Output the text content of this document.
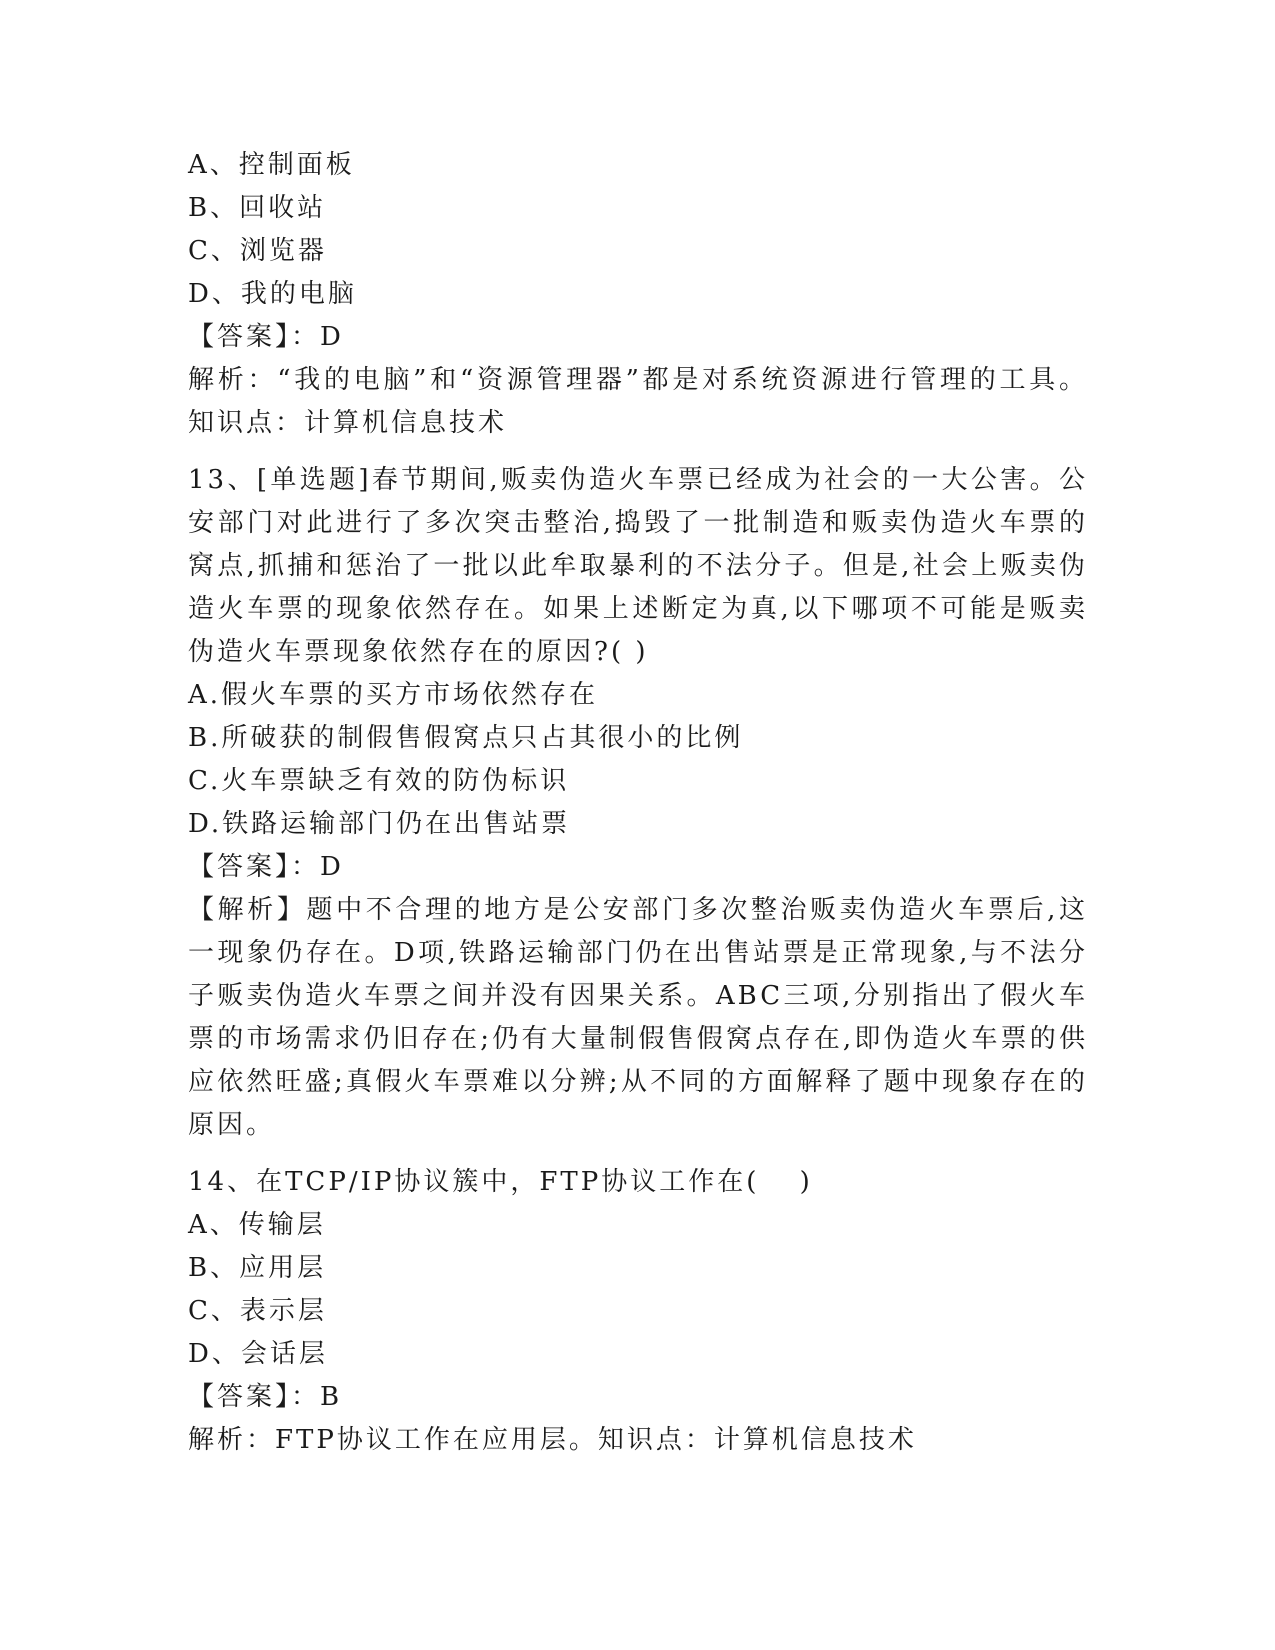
A、控制面板
B、回收站
C、浏览器
D、我的电脑
【答案】：D
解析：“我的电脑”和“资源管理器”都是对系统资源进行管理的工具。知识点：计算机信息技术
13、[单选题]春节期间,贩卖伪造火车票已经成为社会的一大公害。公安部门对此进行了多次突击整治,捣毁了一批制造和贩卖伪造火车票的窝点,抓捕和惩治了一批以此牟取暴利的不法分子。但是,社会上贩卖伪造火车票的现象依然存在。如果上述断定为真,以下哪项不可能是贩卖伪造火车票现象依然存在的原因?( )
A.假火车票的买方市场依然存在
B.所破获的制假售假窝点只占其很小的比例
C.火车票缺乏有效的防伪标识
D.铁路运输部门仍在出售站票
【答案】：D
【解析】题中不合理的地方是公安部门多次整治贩卖伪造火车票后,这一现象仍存在。D项,铁路运输部门仍在出售站票是正常现象,与不法分子贩卖伪造火车票之间并没有因果关系。ABC三项,分别指出了假火车票的市场需求仍旧存在;仍有大量制假售假窝点存在,即伪造火车票的供应依然旺盛;真假火车票难以分辨;从不同的方面解释了题中现象存在的原因。
14、在TCP/IP协议簇中，FTP协议工作在(　 )
A、传输层
B、应用层
C、表示层
D、会话层
【答案】：B
解析：FTP协议工作在应用层。知识点：计算机信息技术
